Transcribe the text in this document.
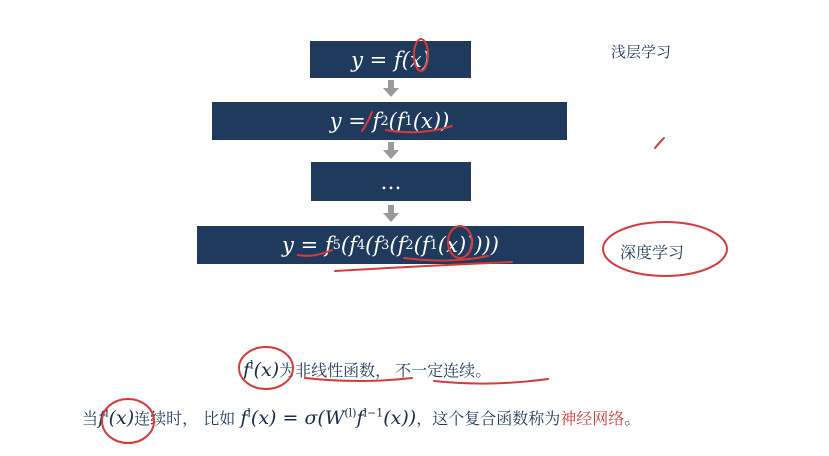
y = f( x )
y = f 2 (f 1 (x))
…
y = f 5 (f 4 (f 3 (f 2 (f 1 (x)))))
浅层学习
深度学习
$f^l(x)$为非线性函数， 不一定连续。
当$f^l(x)$连续时， 比如 $f^l(x) = \sigma(W^{(l)}f^{l-1}(x))$，这个复合函数称为神经网络。
